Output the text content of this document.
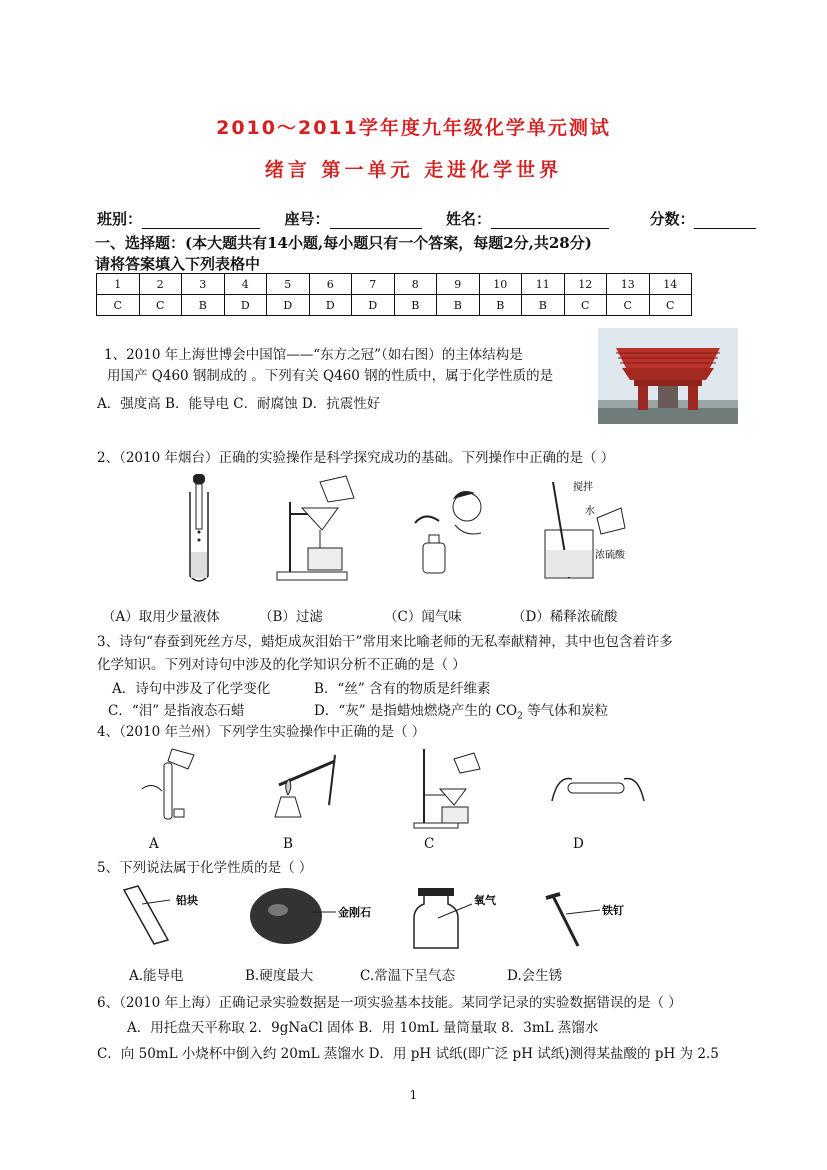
2010～2011学年度九年级化学单元测试
绪言 第一单元 走进化学世界
班别：	座号：	姓名：	分数：
一、选择题：(本大题共有14小题,每小题只有一个答案，每题2分,共28分)
请将答案填入下列表格中
1	2	3	4	5	6	7	8	9	10	11	12	13	14
C	C	B	D	D	D	D	B	B	B	B	C	C	C
1、2010 年上海世博会中国馆——“东方之冠”（如右图）的主体结构是
用国产 Q460 钢制成的 。下列有关 Q460 钢的性质中，属于化学性质的是
A．强度高 B．能导电 C．耐腐蚀 D．抗震性好
2、（2010 年烟台）正确的实验操作是科学探究成功的基础。下列操作中正确的是（ ）
搅拌
水
浓硫酸
（A）取用少量液体	（B）过滤	（C）闻气味	（D）稀释浓硫酸
3、诗句“春蚕到死丝方尽，蜡炬成灰泪始干”常用来比喻老师的无私奉献精神，其中也包含着许多
化学知识。下列对诗句中涉及的化学知识分析不正确的是（ ）
A．诗句中涉及了化学变化	B．“丝” 含有的物质是纤维素
C．“泪” 是指液态石蜡	D．“灰” 是指蜡烛燃烧产生的 $CO_2$ 等气体和炭粒
4、（2010 年兰州）下列学生实验操作中正确的是（ ）
A	B	C	D
5、下列说法属于化学性质的是（ ）
铅块
金刚石
氧气
铁钉
A.能导电	B.硬度最大	C.常温下呈气态	D.会生锈
6、（2010 年上海）正确记录实验数据是一项实验基本技能。某同学记录的实验数据错误的是（ ）
A．用托盘天平称取 2．9gNaCl 固体 B．用 10mL 量筒量取 8．3mL 蒸馏水
C．向 50mL 小烧杯中倒入约 20mL 蒸馏水 D．用 pH 试纸(即广泛 pH 试纸)测得某盐酸的 pH 为 2.5
1
